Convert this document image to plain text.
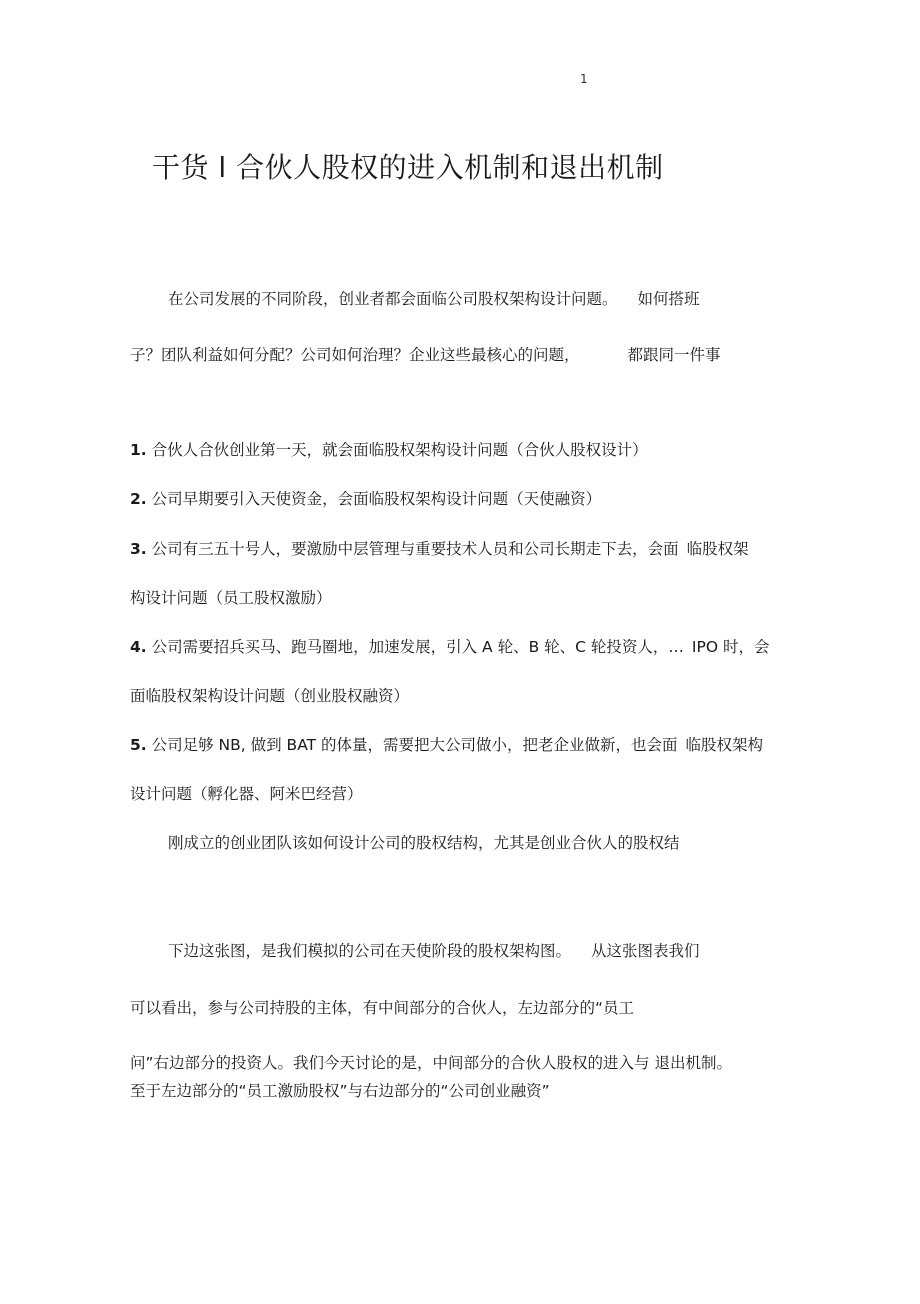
1
干货 l 合伙人股权的进入机制和退出机制
在公司发展的不同阶段，创业者都会面临公司股权架构设计问题。 如何搭班
子？团队利益如何分配？公司如何治理？企业这些最核心的问题，	都跟同一件事
1. 合伙人合伙创业第一天，就会面临股权架构设计问题（合伙人股权设计）
2. 公司早期要引入天使资金，会面临股权架构设计问题（天使融资）
3. 公司有三五十号人，要激励中层管理与重要技术人员和公司长期走下去，会面 临股权架
构设计问题（员工股权激励）
4. 公司需要招兵买马、跑马圈地，加速发展，引入 A 轮、B 轮、C 轮投资人，… IPO 时，会
面临股权架构设计问题（创业股权融资）
5. 公司足够 NB, 做到 BAT 的体量，需要把大公司做小，把老企业做新，也会面 临股权架构
设计问题（孵化器、阿米巴经营）
刚成立的创业团队该如何设计公司的股权结构，尤其是创业合伙人的股权结
下边这张图，是我们模拟的公司在天使阶段的股权架构图。 从这张图表我们
可以看出，参与公司持股的主体，有中间部分的合伙人，左边部分的“员工
问”右边部分的投资人。我们今天讨论的是，中间部分的合伙人股权的进入与 退出机制。
至于左边部分的“员工激励股权”与右边部分的“公司创业融资”
